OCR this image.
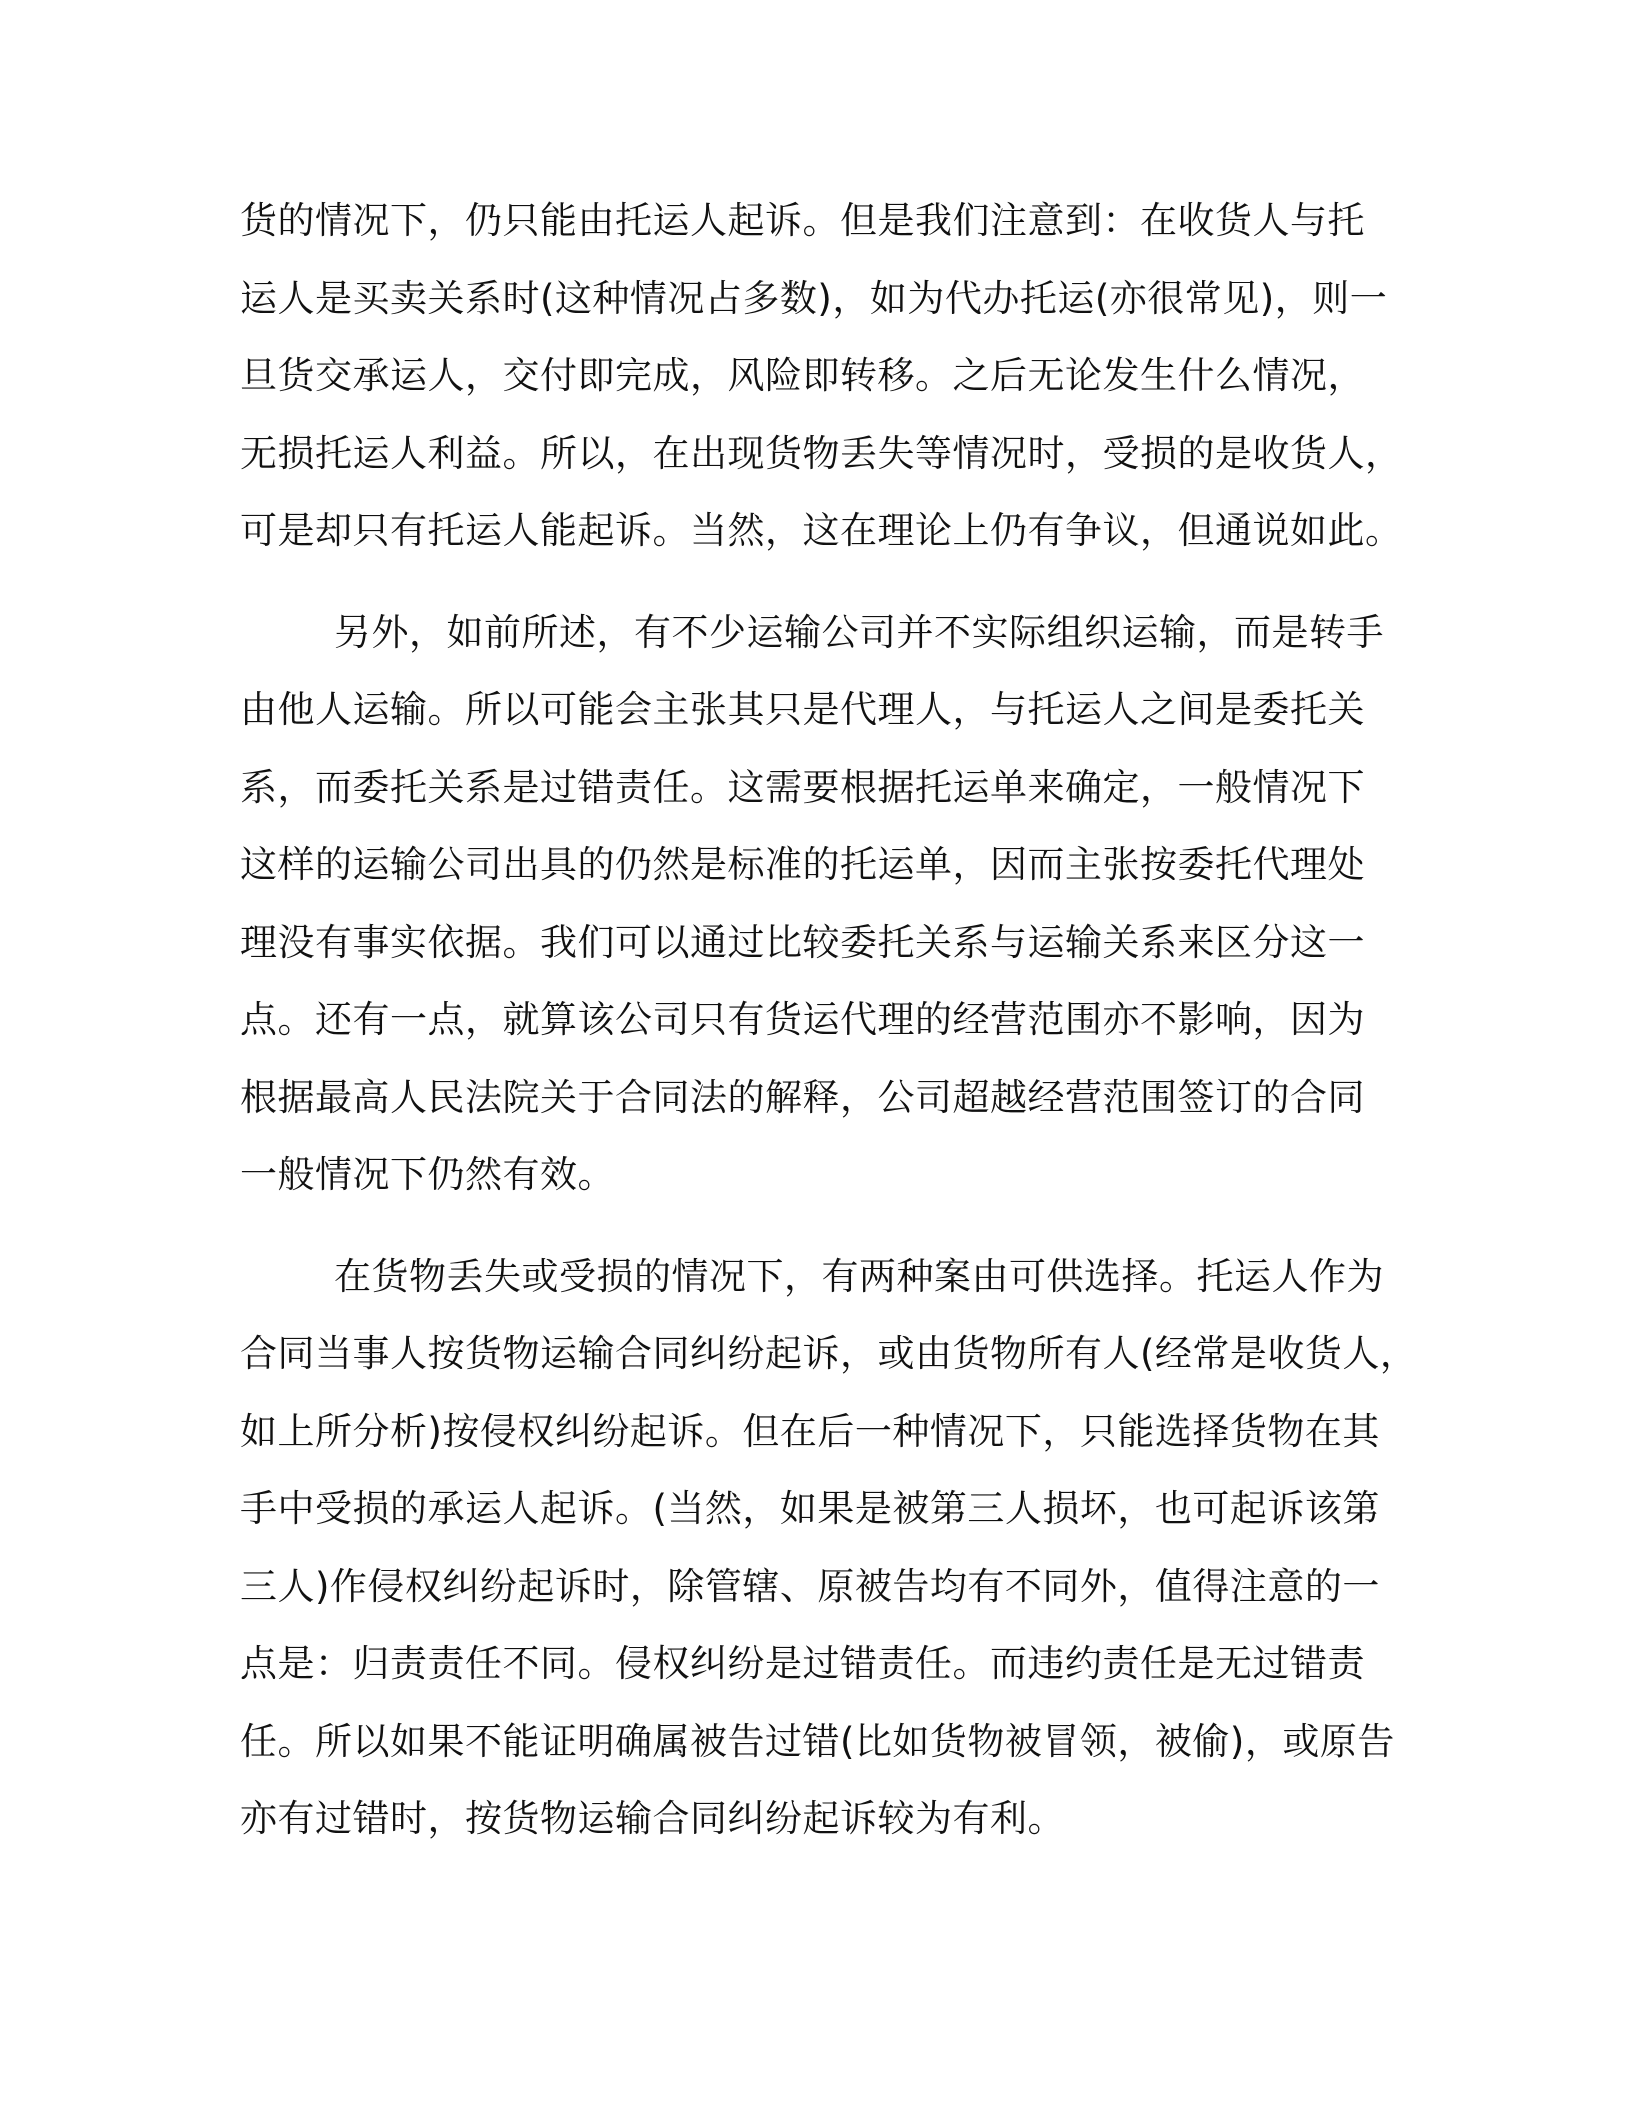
货的情况下，仍只能由托运人起诉。但是我们注意到：在收货人与托
运人是买卖关系时(这种情况占多数)，如为代办托运(亦很常见)，则一
旦货交承运人，交付即完成，风险即转移。之后无论发生什么情况，
无损托运人利益。所以，在出现货物丢失等情况时，受损的是收货人，
可是却只有托运人能起诉。当然，这在理论上仍有争议，但通说如此。
另外，如前所述，有不少运输公司并不实际组织运输，而是转手
由他人运输。所以可能会主张其只是代理人，与托运人之间是委托关
系，而委托关系是过错责任。这需要根据托运单来确定，一般情况下
这样的运输公司出具的仍然是标准的托运单，因而主张按委托代理处
理没有事实依据。我们可以通过比较委托关系与运输关系来区分这一
点。还有一点，就算该公司只有货运代理的经营范围亦不影响，因为
根据最高人民法院关于合同法的解释，公司超越经营范围签订的合同
一般情况下仍然有效。
在货物丢失或受损的情况下，有两种案由可供选择。托运人作为
合同当事人按货物运输合同纠纷起诉，或由货物所有人(经常是收货人，
如上所分析)按侵权纠纷起诉。但在后一种情况下，只能选择货物在其
手中受损的承运人起诉。(当然，如果是被第三人损坏，也可起诉该第
三人)作侵权纠纷起诉时，除管辖、原被告均有不同外，值得注意的一
点是：归责责任不同。侵权纠纷是过错责任。而违约责任是无过错责
任。所以如果不能证明确属被告过错(比如货物被冒领，被偷)，或原告
亦有过错时，按货物运输合同纠纷起诉较为有利。
